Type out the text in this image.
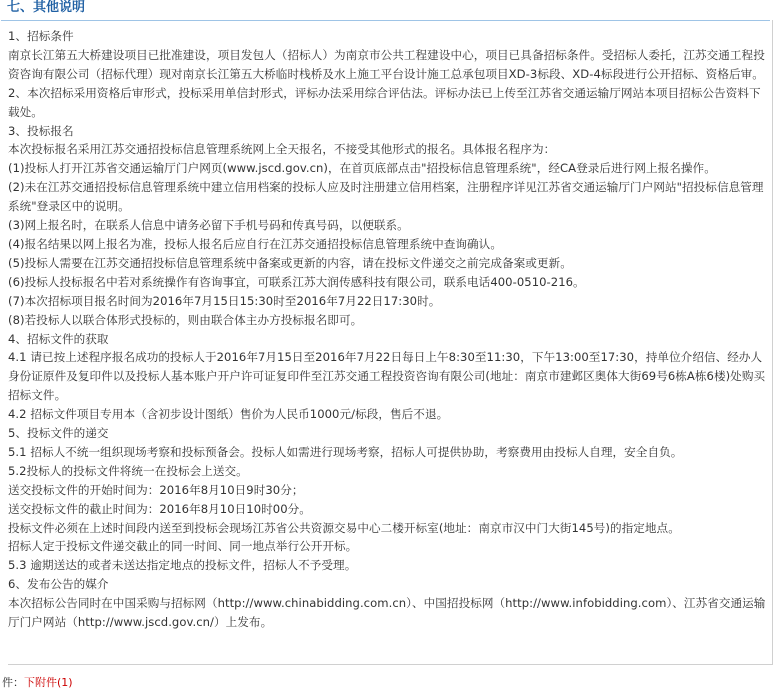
七、其他说明

1、招标条件

南京长江第五大桥建设项目已批准建设，项目发包人（招标人）为南京市公共工程建设中心，项目已具备招标条件。受招标人委托，江苏交通工程投资咨询有限公司（招标代理）现对南京长江第五大桥临时栈桥及水上施工平台设计施工总承包项目XD-3标段、XD-4标段进行公开招标、资格后审。

2、本次招标采用资格后审形式，投标采用单信封形式，评标办法采用综合评估法。评标办法已上传至江苏省交通运输厅网站本项目招标公告资料下载处。

3、投标报名

本次投标报名采用江苏交通招投标信息管理系统网上全天报名，不接受其他形式的报名。具体报名程序为：

(1)投标人打开江苏省交通运输厅门户网页(www.jscd.gov.cn)，在首页底部点击"招投标信息管理系统"，经CA登录后进行网上报名操作。

(2)未在江苏交通招投标信息管理系统中建立信用档案的投标人应及时注册建立信用档案，注册程序详见江苏省交通运输厅门户网站"招投标信息管理系统"登录区中的说明。

(3)网上报名时，在联系人信息中请务必留下手机号码和传真号码，以便联系。

(4)报名结果以网上报名为准，投标人报名后应自行在江苏交通招投标信息管理系统中查询确认。

(5)投标人需要在江苏交通招投标信息管理系统中备案或更新的内容，请在投标文件递交之前完成备案或更新。

(6)投标人投标报名中若对系统操作有咨询事宜，可联系江苏大润传感科技有限公司，联系电话400-0510-216。

(7)本次招标项目报名时间为2016年7月15日15:30时至2016年7月22日17:30时。

(8)若投标人以联合体形式投标的，则由联合体主办方投标报名即可。

4、招标文件的获取

4.1 请已按上述程序报名成功的投标人于2016年7月15日至2016年7月22日每日上午8:30至11:30，下午13:00至17:30，持单位介绍信、经办人身份证原件及复印件以及投标人基本账户开户许可证复印件至江苏交通工程投资咨询有限公司(地址：南京市建邺区奥体大街69号6栋A栋6楼)处购买招标文件。

4.2 招标文件项目专用本（含初步设计图纸）售价为人民币1000元/标段，售后不退。

5、投标文件的递交

5.1 招标人不统一组织现场考察和投标预备会。投标人如需进行现场考察，招标人可提供协助，考察费用由投标人自理，安全自负。

5.2投标人的投标文件将统一在投标会上送交。

送交投标文件的开始时间为：2016年8月10日9时30分；

送交投标文件的截止时间为：2016年8月10日10时00分。

投标文件必须在上述时间段内送至到投标会现场江苏省公共资源交易中心二楼开标室(地址：南京市汉中门大街145号)的指定地点。

招标人定于投标文件递交截止的同一时间、同一地点举行公开开标。

5.3 逾期送达的或者未送达指定地点的投标文件，招标人不予受理。

6、发布公告的媒介

本次招标公告同时在中国采购与招标网（http://www.chinabidding.com.cn）、中国招投标网（http://www.infobidding.com）、江苏省交通运输厅门户网站（http://www.jscd.gov.cn/）上发布。

件：下附件(1)
